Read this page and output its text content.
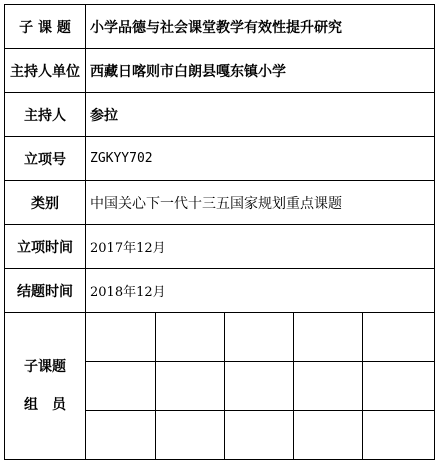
子 课 题	小学品德与社会课堂教学有效性提升研究				
主持人单位	西藏日喀则市白朗县嘎东镇小学				
主持人	参拉				
立项号	ZGKYY702				
类别	中国关心下一代十三五国家规划重点课题				
立项时间	2017年12月				
结题时间	2018年12月				

子课题
组　员					
